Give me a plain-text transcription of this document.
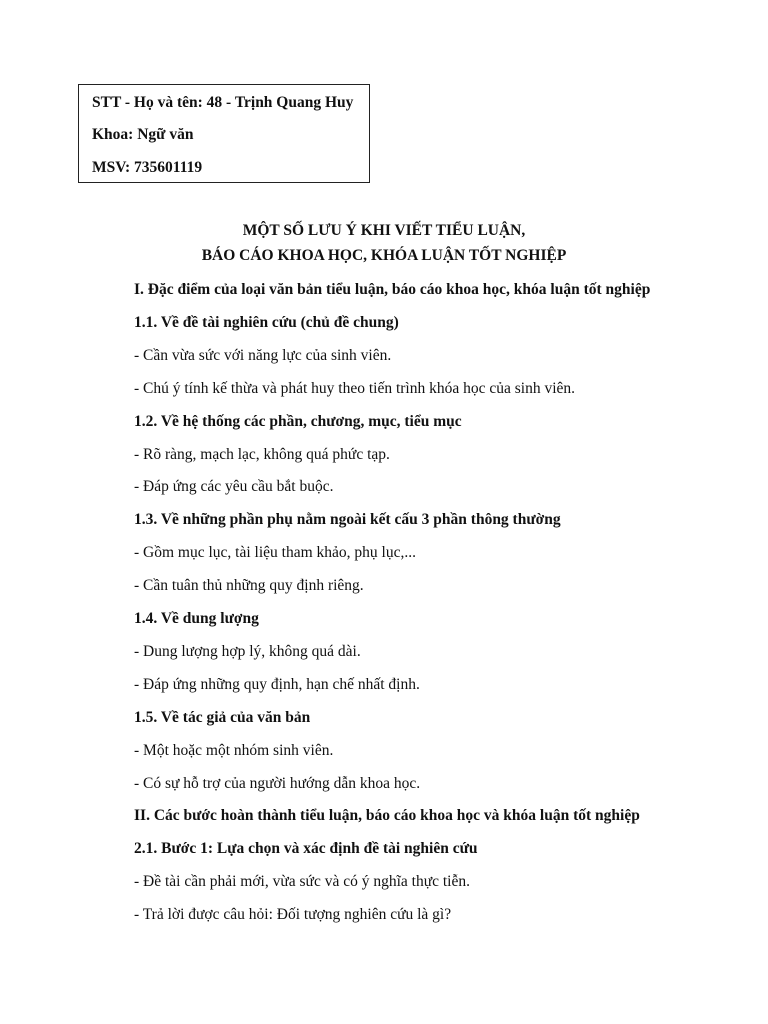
STT - Họ và tên: 48 - Trịnh Quang Huy
Khoa: Ngữ văn
MSV: 735601119
MỘT SỐ LƯU Ý KHI VIẾT TIỂU LUẬN,
BÁO CÁO KHOA HỌC, KHÓA LUẬN TỐT NGHIỆP
I. Đặc điểm của loại văn bản tiểu luận, báo cáo khoa học, khóa luận tốt nghiệp
1.1. Về đề tài nghiên cứu (chủ đề chung)
- Cần vừa sức với năng lực của sinh viên.
- Chú ý tính kế thừa và phát huy theo tiến trình khóa học của sinh viên.
1.2. Về hệ thống các phần, chương, mục, tiểu mục
- Rõ ràng, mạch lạc, không quá phức tạp.
- Đáp ứng các yêu cầu bắt buộc.
1.3. Về những phần phụ nằm ngoài kết cấu 3 phần thông thường
- Gồm mục lục, tài liệu tham khảo, phụ lục,...
- Cần tuân thủ những quy định riêng.
1.4. Về dung lượng
- Dung lượng hợp lý, không quá dài.
- Đáp ứng những quy định, hạn chế nhất định.
1.5. Về tác giả của văn bản
- Một hoặc một nhóm sinh viên.
- Có sự hỗ trợ của người hướng dẫn khoa học.
II. Các bước hoàn thành tiểu luận, báo cáo khoa học và khóa luận tốt nghiệp
2.1. Bước 1: Lựa chọn và xác định đề tài nghiên cứu
- Đề tài cần phải mới, vừa sức và có ý nghĩa thực tiễn.
- Trả lời được câu hỏi: Đối tượng nghiên cứu là gì?
